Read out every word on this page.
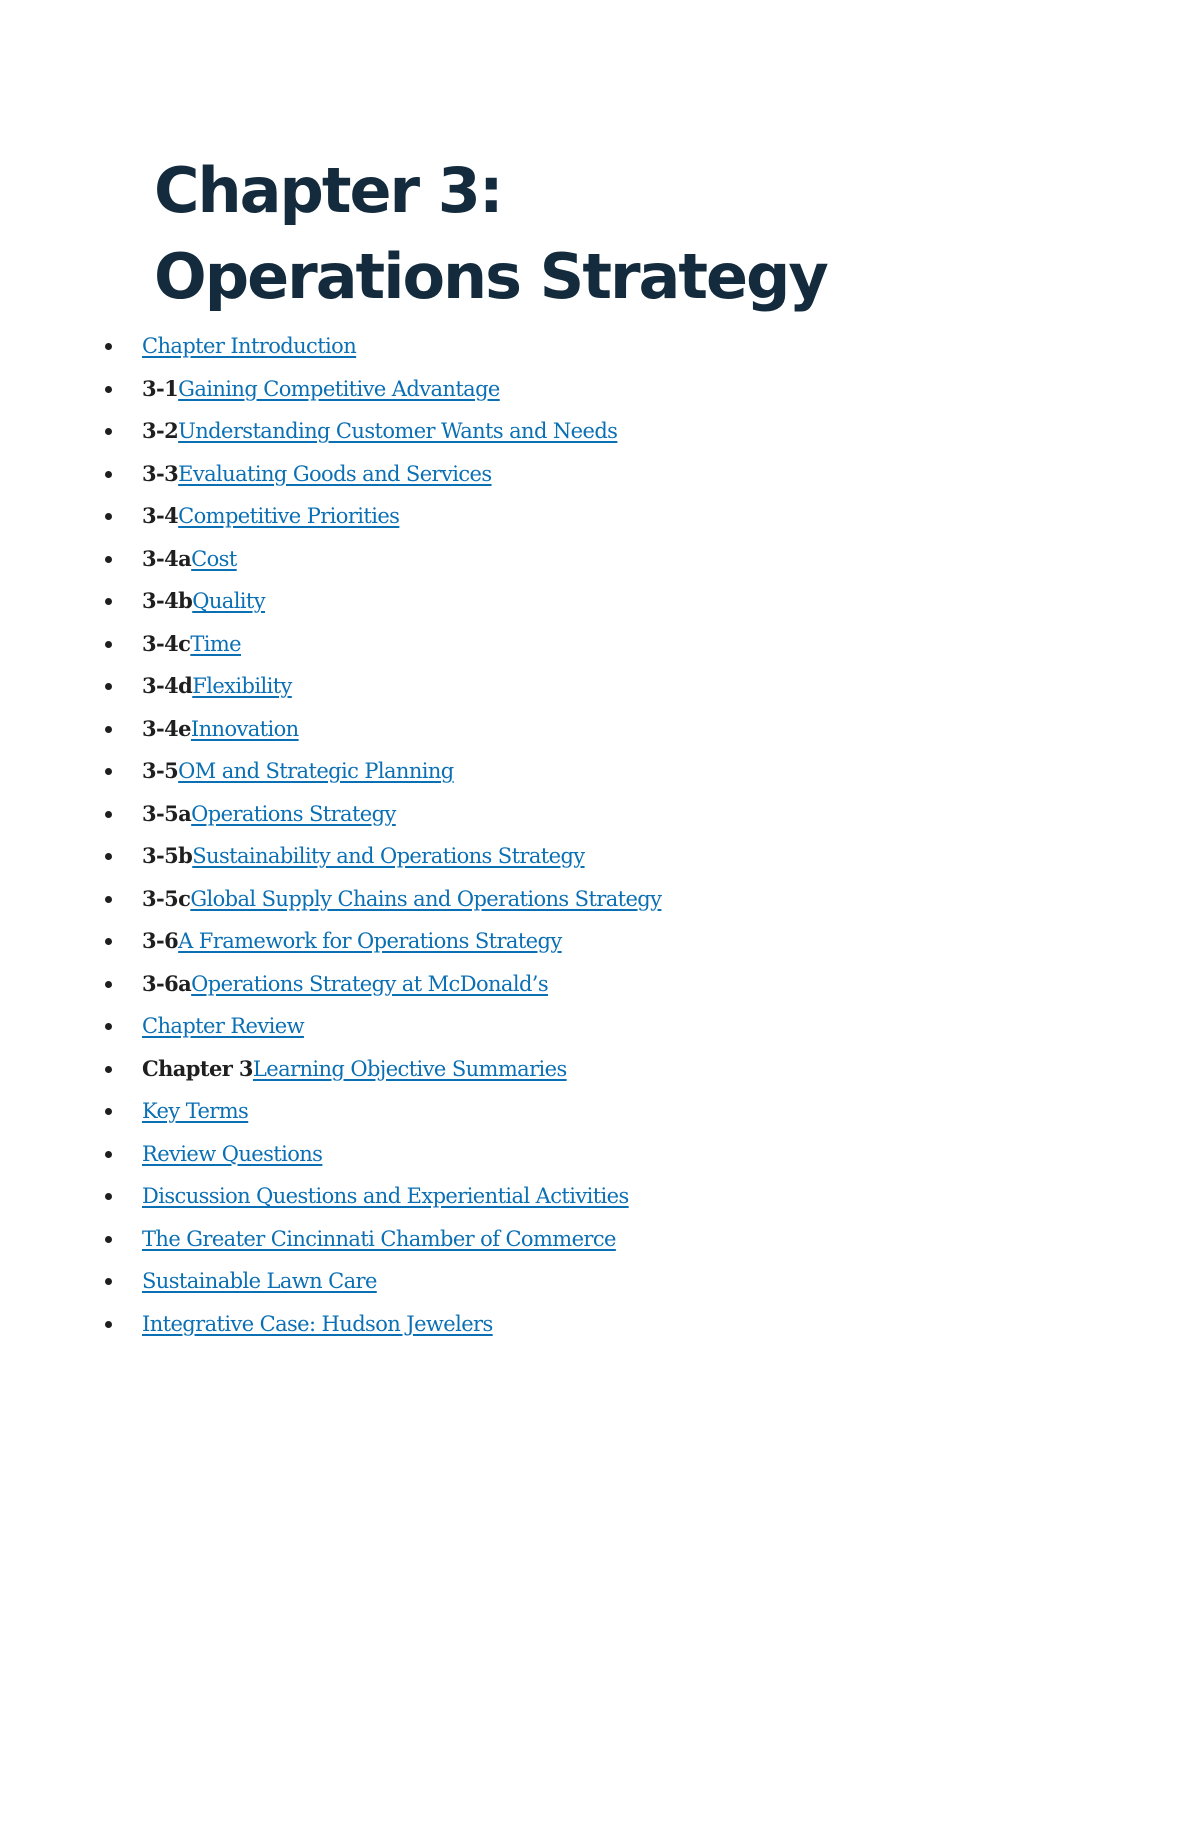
Chapter 3: Operations Strategy
Chapter Introduction
3-1Gaining Competitive Advantage
3-2Understanding Customer Wants and Needs
3-3Evaluating Goods and Services
3-4Competitive Priorities
3-4aCost
3-4bQuality
3-4cTime
3-4dFlexibility
3-4eInnovation
3-5OM and Strategic Planning
3-5aOperations Strategy
3-5bSustainability and Operations Strategy
3-5cGlobal Supply Chains and Operations Strategy
3-6A Framework for Operations Strategy
3-6aOperations Strategy at McDonald’s
Chapter Review
Chapter 3Learning Objective Summaries
Key Terms
Review Questions
Discussion Questions and Experiential Activities
The Greater Cincinnati Chamber of Commerce
Sustainable Lawn Care
Integrative Case: Hudson Jewelers
